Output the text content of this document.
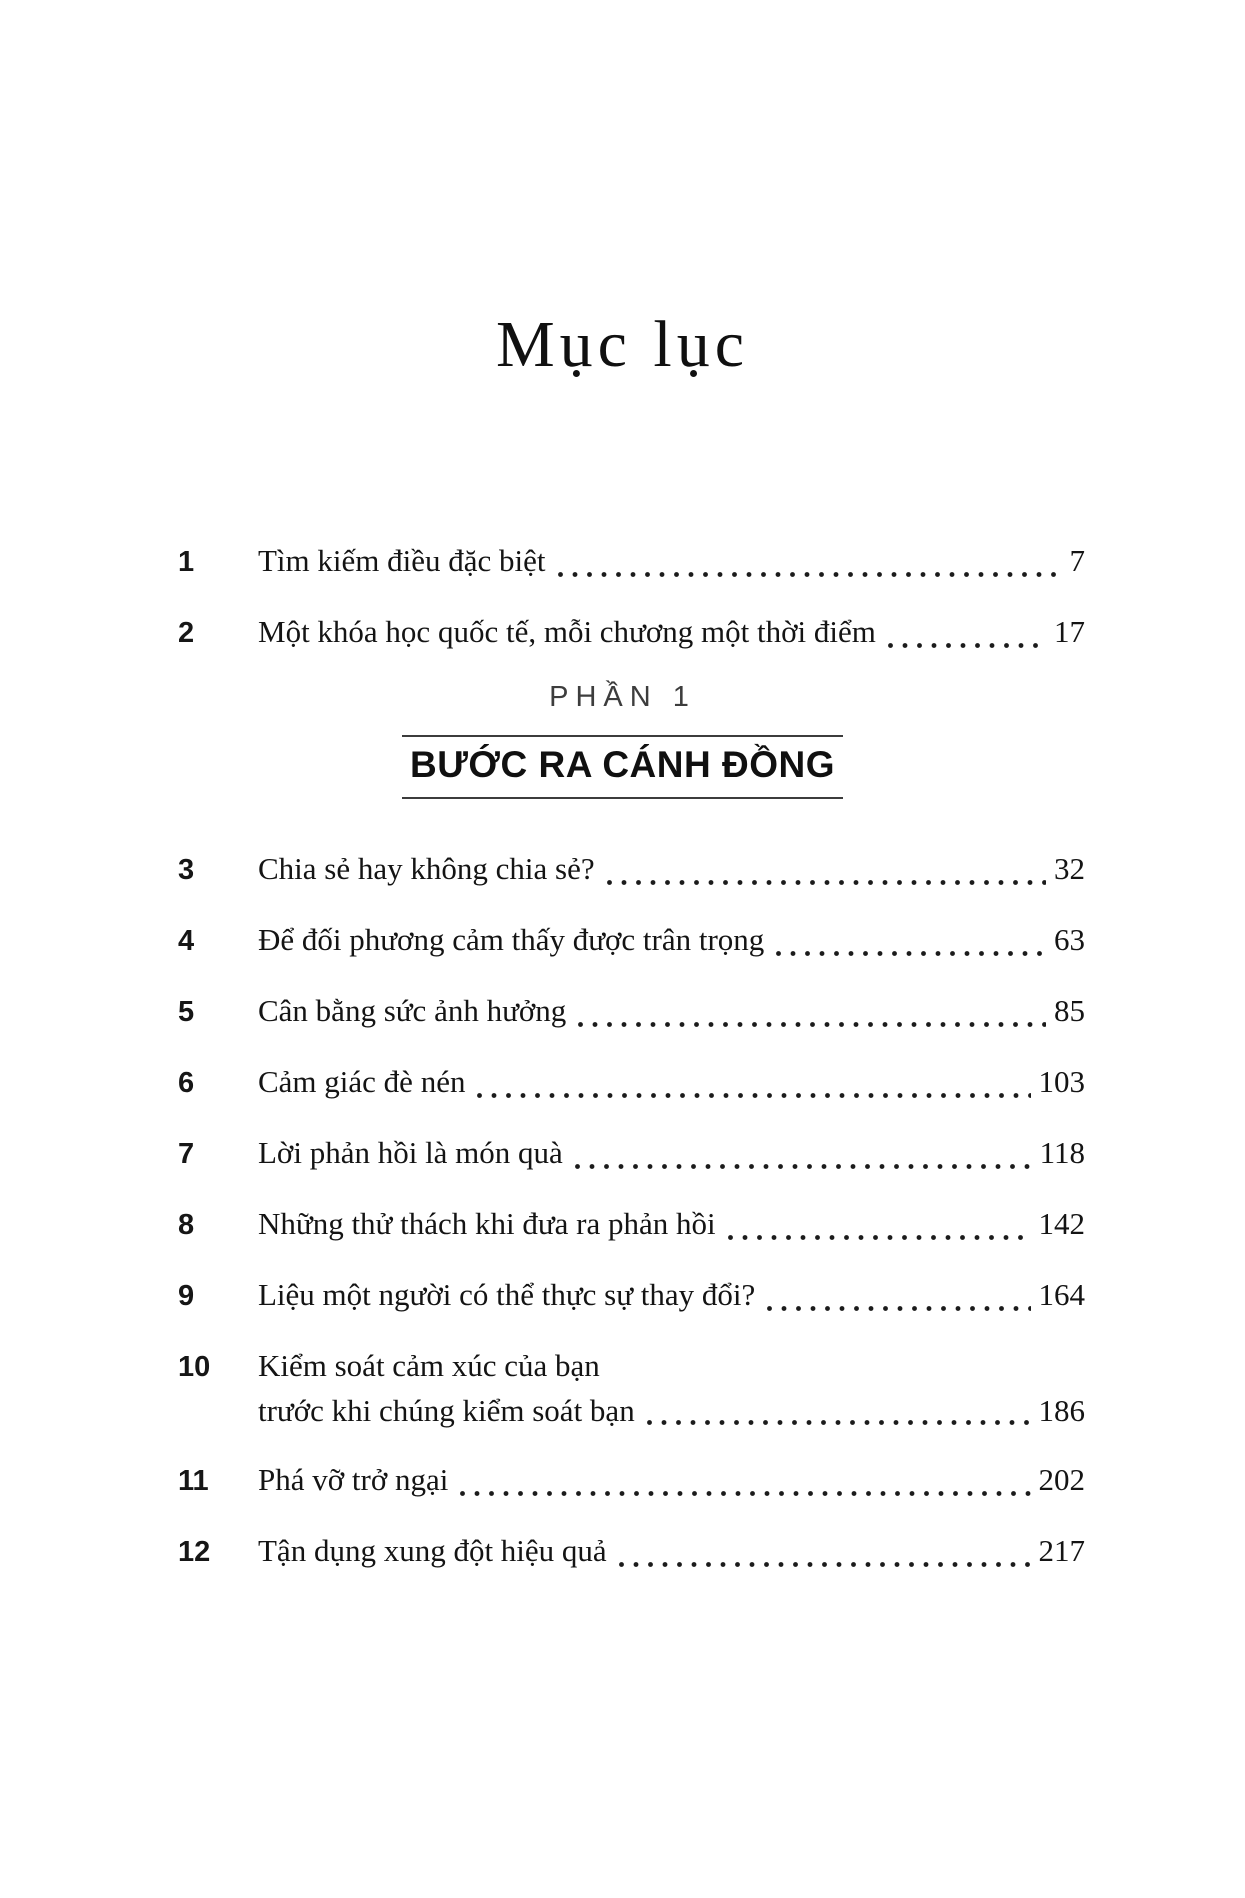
Mục lục
1	Tìm kiếm điều đặc biệt	7
2	Một khóa học quốc tế, mỗi chương một thời điểm	17
PHẦN 1
BƯỚC RA CÁNH ĐỒNG
3	Chia sẻ hay không chia sẻ?	32
4	Để đối phương cảm thấy được trân trọng	63
5	Cân bằng sức ảnh hưởng	85
6	Cảm giác đè nén	103
7	Lời phản hồi là món quà	118
8	Những thử thách khi đưa ra phản hồi	142
9	Liệu một người có thể thực sự thay đổi?	164
10	Kiểm soát cảm xúc của bạn
trước khi chúng kiểm soát bạn	186
11	Phá vỡ trở ngại	202
12	Tận dụng xung đột hiệu quả	217
